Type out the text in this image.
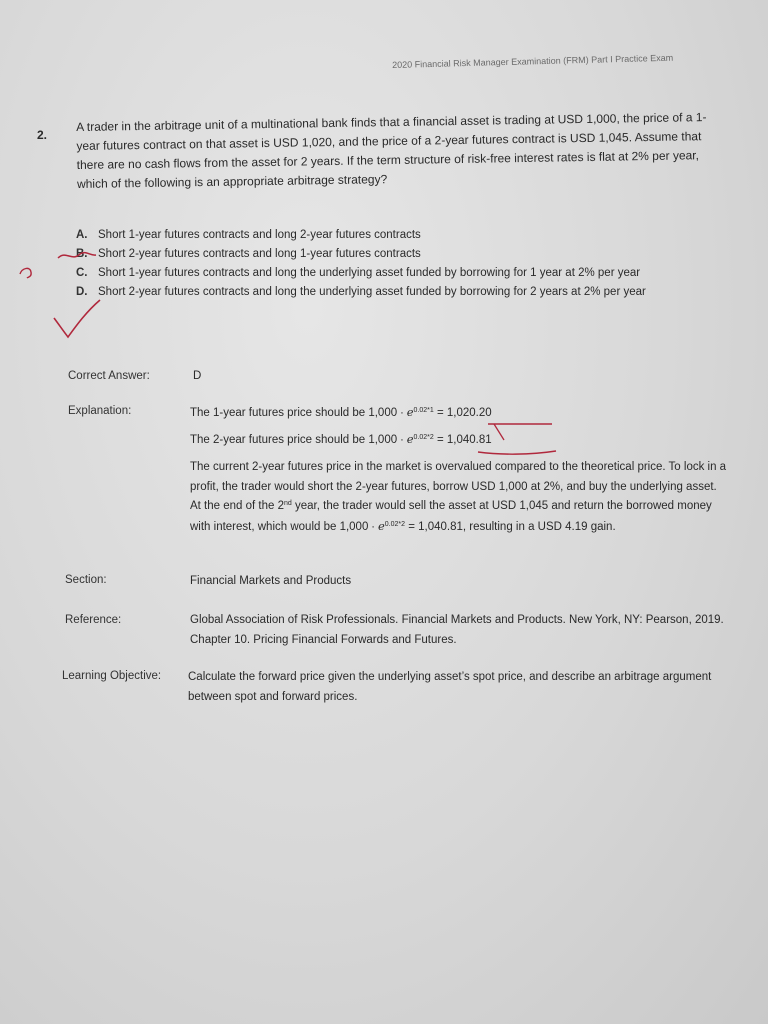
2020 Financial Risk Manager Examination (FRM) Part I Practice Exam
2.
A trader in the arbitrage unit of a multinational bank finds that a financial asset is trading at USD 1,000, the price of a 1-year futures contract on that asset is USD 1,020, and the price of a 2-year futures contract is USD 1,045. Assume that there are no cash flows from the asset for 2 years. If the term structure of risk-free interest rates is flat at 2% per year, which of the following is an appropriate arbitrage strategy?
A. Short 1-year futures contracts and long 2-year futures contracts
B. Short 2-year futures contracts and long 1-year futures contracts
C. Short 1-year futures contracts and long the underlying asset funded by borrowing for 1 year at 2% per year
D. Short 2-year futures contracts and long the underlying asset funded by borrowing for 2 years at 2% per year
Correct Answer:	D
Explanation:	The 1-year futures price should be $1,000 \cdot e^{0.02*1} = 1,020.20$
The 2-year futures price should be $1,000 \cdot e^{0.02*2} = 1,040.81$
The current 2-year futures price in the market is overvalued compared to the theoretical price. To lock in a profit, the trader would short the 2-year futures, borrow USD 1,000 at 2%, and buy the underlying asset. At the end of the 2nd year, the trader would sell the asset at USD 1,045 and return the borrowed money with interest, which would be $1,000 \cdot e^{0.02*2} = 1,040.81$, resulting in a USD 4.19 gain.
Section:	Financial Markets and Products
Reference:	Global Association of Risk Professionals. Financial Markets and Products. New York, NY: Pearson, 2019. Chapter 10. Pricing Financial Forwards and Futures.
Learning Objective: Calculate the forward price given the underlying asset’s spot price, and describe an arbitrage argument between spot and forward prices.
